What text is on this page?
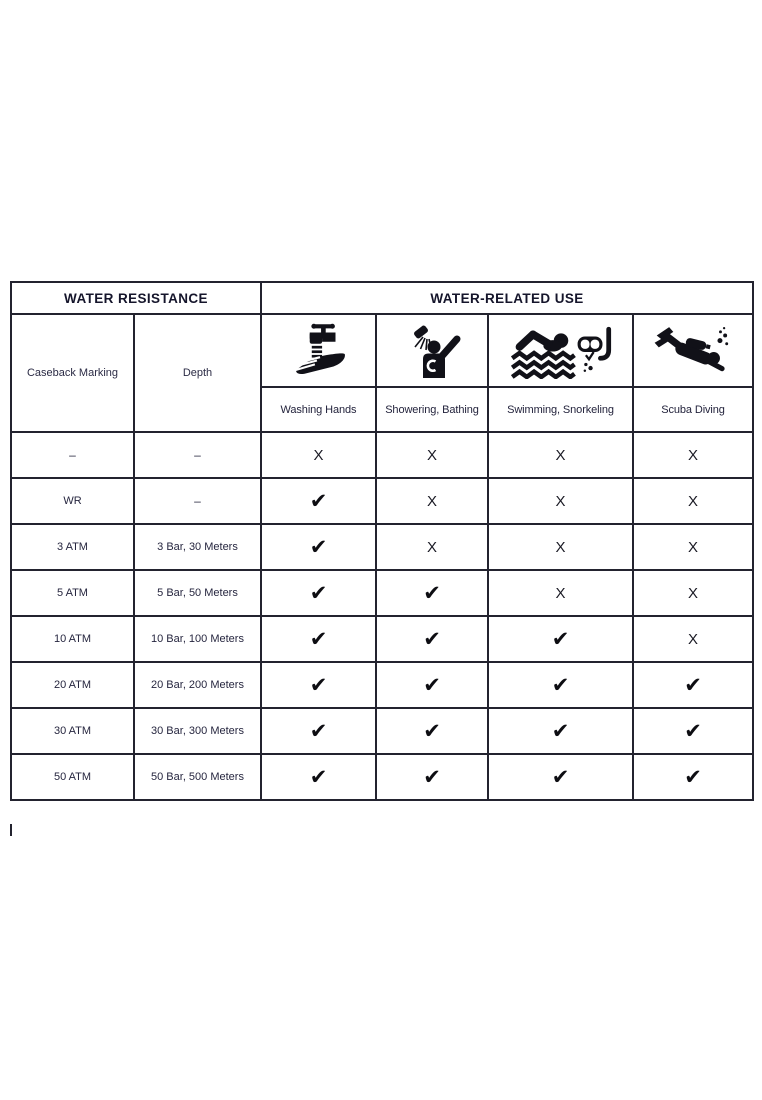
WATER RESISTANCE		WATER-RELATED USE			
Caseback Marking	Depth	

		Washing Hands	Showering, Bathing	Swimming, Snorkeling	Scuba Diving
–	–	X	X	X	X
WR	–	✔	X	X	X
3 ATM	3 Bar, 30 Meters	✔	X	X	X
5 ATM	5 Bar, 50 Meters	✔	✔	X	X
10 ATM	10 Bar, 100 Meters	✔	✔	✔	X
20 ATM	20 Bar, 200 Meters	✔	✔	✔	✔
30 ATM	30 Bar, 300 Meters	✔	✔	✔	✔
50 ATM	50 Bar, 500 Meters	✔	✔	✔	✔
